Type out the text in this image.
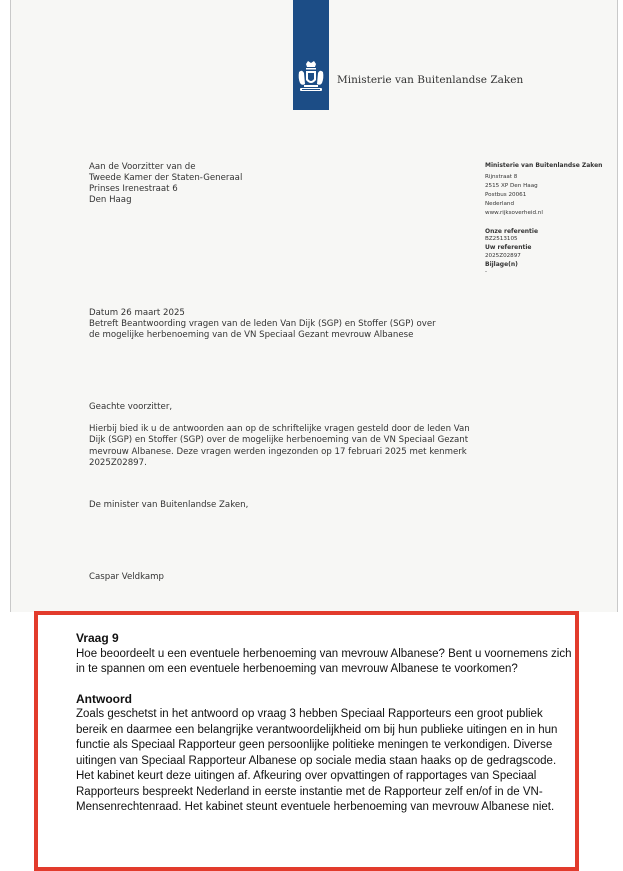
Ministerie van Buitenlandse Zaken
Aan de Voorzitter van de
Tweede Kamer der Staten-Generaal
Prinses Irenestraat 6
Den Haag
Ministerie van Buitenlandse Zaken
Rijnstraat 8
2515 XP Den Haag
Postbus 20061
Nederland
www.rijksoverheid.nl
Onze referentie
BZ2513105
Uw referentie
2025Z02897
Bijlage(n)
-
Datum 26 maart 2025
Betreft Beantwoording vragen van de leden Van Dijk (SGP) en Stoffer (SGP) over
de mogelijke herbenoeming van de VN Speciaal Gezant mevrouw Albanese
Geachte voorzitter,
Hierbij bied ik u de antwoorden aan op de schriftelijke vragen gesteld door de leden Van Dijk (SGP) en Stoffer (SGP) over de mogelijke herbenoeming van de VN Speciaal Gezant mevrouw Albanese. Deze vragen werden ingezonden op 17 februari 2025 met kenmerk 2025Z02897.
De minister van Buitenlandse Zaken,
Caspar Veldkamp
Vraag 9
Hoe beoordeelt u een eventuele herbenoeming van mevrouw Albanese? Bent u voornemens zich in te spannen om een eventuele herbenoeming van mevrouw Albanese te voorkomen?
Antwoord
Zoals geschetst in het antwoord op vraag 3 hebben Speciaal Rapporteurs een groot publiek bereik en daarmee een belangrijke verantwoordelijkheid om bij hun publieke uitingen en in hun functie als Speciaal Rapporteur geen persoonlijke politieke meningen te verkondigen. Diverse uitingen van Speciaal Rapporteur Albanese op sociale media staan haaks op de gedragscode. Het kabinet keurt deze uitingen af. Afkeuring over opvattingen of rapportages van Speciaal Rapporteurs bespreekt Nederland in eerste instantie met de Rapporteur zelf en/of in de VN-Mensenrechtenraad. Het kabinet steunt eventuele herbenoeming van mevrouw Albanese niet.
